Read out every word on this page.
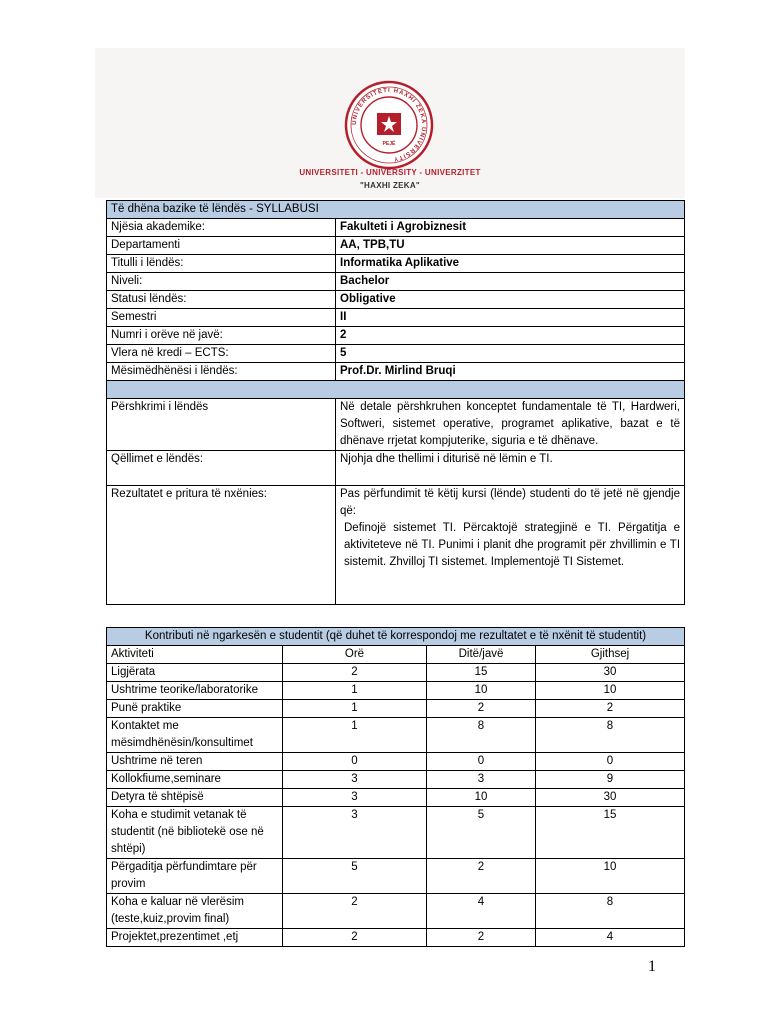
UNIVERSITETI HAXHI ZEKA UNIVERSITY
PEJË
UNIVERSITETI - UNIVERSITY - UNIVERZITET
"HAXHI ZEKA"
Të dhëna bazike të lëndës - SYLLABUSI	
Njësia akademike:	Fakulteti i Agrobiznesit
Departamenti	AA, TPB,TU
Titulli i lëndës:	Informatika Aplikative
Niveli:	Bachelor
Statusi lëndës:	Obligative
Semestri	II
Numri i orëve në javë:	2
Vlera në kredi – ECTS:	5
Mësimëdhënësi i lëndës:	Prof.Dr. Mirlind Bruqi

Përshkrimi i lëndës	Në detale përshkruhen konceptet fundamentale të TI, Hardweri, Softweri, sistemet operative, programet aplikative, bazat e të dhënave rrjetat kompjuterike, siguria e të dhënave.
Qëllimet e lëndës:	Njohja dhe thellimi i diturisë në lëmin e TI.
Rezultatet e pritura të nxënies:	Pas përfundimit të këtij kursi (lënde) studenti do të jetë në gjendje që:
Definojë sistemet TI. Përcaktojë strategjinë e TI. Përgatitja e aktiviteteve në TI. Punimi i planit dhe programit për zhvillimin e TI sistemit. Zhvilloj TI sistemet. Implementojë TI Sistemet.
Kontributi në ngarkesën e studentit (që duhet të korrespondoj me rezultatet e të nxënit të studentit)			
Aktiviteti	Orë	Ditë/javë	Gjithsej
Ligjërata	2	15	30
Ushtrime teorike/laboratorike	1	10	10
Punë praktike	1	2	2
Kontaktet me mësimdhënësin/konsultimet	1	8	8
Ushtrime në teren	0	0	0
Kollokfiume,seminare	3	3	9
Detyra të shtëpisë	3	10	30
Koha e studimit vetanak të studentit (në bibliotekë ose në shtëpi)	3	5	15
Përgaditja përfundimtare për provim	5	2	10
Koha e kaluar në vlerësim (teste,kuiz,provim final)	2	4	8
Projektet,prezentimet ,etj	2	2	4
1
